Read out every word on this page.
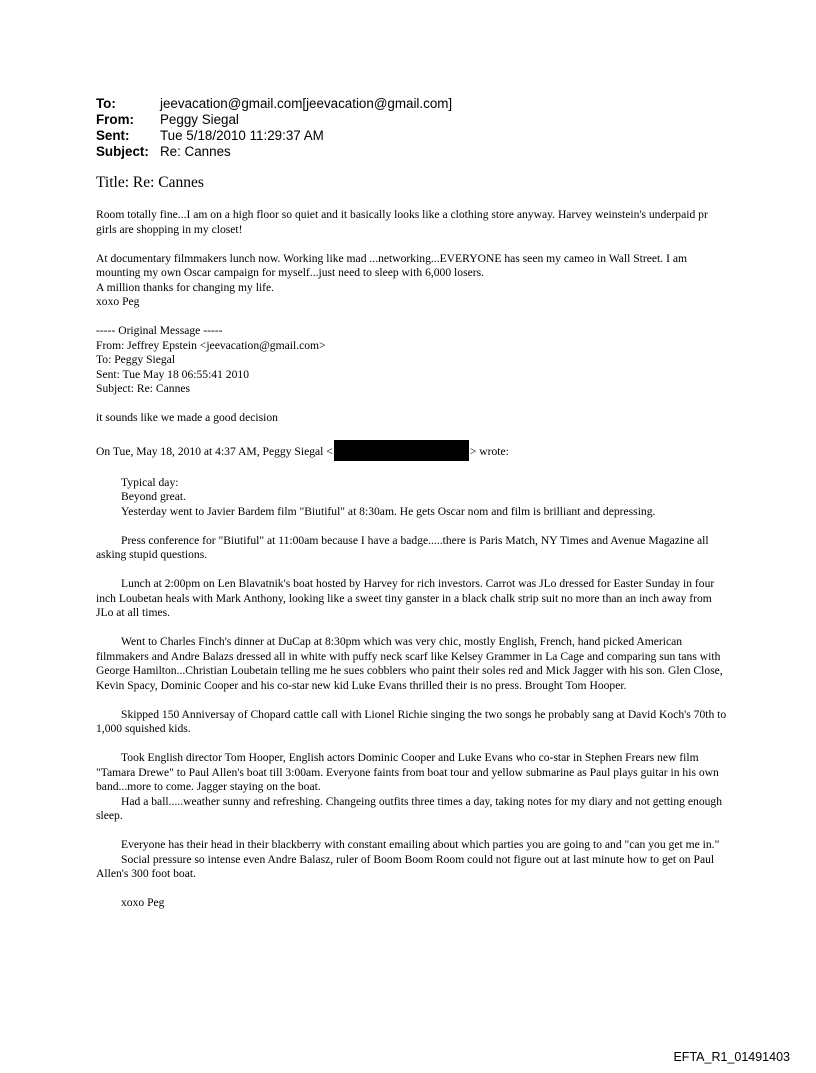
To:	jeevacation@gmail.com[jeevacation@gmail.com]
From:	Peggy Siegal
Sent:	Tue 5/18/2010 11:29:37 AM
Subject: Re: Cannes
Title: Re: Cannes

Room totally fine...I am on a high floor so quiet and it basically looks like a clothing store anyway. Harvey weinstein's underpaid pr girls are shopping in my closet!

At documentary filmmakers lunch now. Working like mad ...networking...EVERYONE has seen my cameo in Wall Street. I am mounting my own Oscar campaign for myself...just need to sleep with 6,000 losers.
A million thanks for changing my life.
xoxo Peg

----- Original Message -----
From: Jeffrey Epstein <jeevacation@gmail.com>
To: Peggy Siegal
Sent: Tue May 18 06:55:41 2010
Subject: Re: Cannes

it sounds like we made a good decision

On Tue, May 18, 2010 at 4:37 AM, Peggy Siegal <	> wrote:

Typical day:
Beyond great.
Yesterday went to Javier Bardem film "Biutiful" at 8:30am. He gets Oscar nom and film is brilliant and depressing.

Press conference for "Biutiful" at 11:00am because I have a badge.....there is Paris Match, NY Times and Avenue Magazine all asking stupid questions.

Lunch at 2:00pm on Len Blavatnik's boat hosted by Harvey for rich investors. Carrot was JLo dressed for Easter Sunday in four inch Loubetan heals with Mark Anthony, looking like a sweet tiny ganster in a black chalk strip suit no more than an inch away from JLo at all times.

Went to Charles Finch's dinner at DuCap at 8:30pm which was very chic, mostly English, French, hand picked American filmmakers and Andre Balazs dressed all in white with puffy neck scarf like Kelsey Grammer in La Cage and comparing sun tans with George Hamilton...Christian Loubetain telling me he sues cobblers who paint their soles red and Mick Jagger with his son. Glen Close, Kevin Spacy, Dominic Cooper and his co-star new kid Luke Evans thrilled their is no press. Brought Tom Hooper.

Skipped 150 Anniversay of Chopard cattle call with Lionel Richie singing the two songs he probably sang at David Koch's 70th to 1,000 squished kids.

Took English director Tom Hooper, English actors Dominic Cooper and Luke Evans who co-star in Stephen Frears new film "Tamara Drewe" to Paul Allen's boat till 3:00am. Everyone faints from boat tour and yellow submarine as Paul plays guitar in his own band...more to come. Jagger staying on the boat.
Had a ball.....weather sunny and refreshing. Changeing outfits three times a day, taking notes for my diary and not getting enough sleep.

Everyone has their head in their blackberry with constant emailing about which parties you are going to and "can you get me in."
Social pressure so intense even Andre Balasz, ruler of Boom Boom Room could not figure out at last minute how to get on Paul Allen's 300 foot boat.

xoxo Peg

EFTA_R1_01491403
